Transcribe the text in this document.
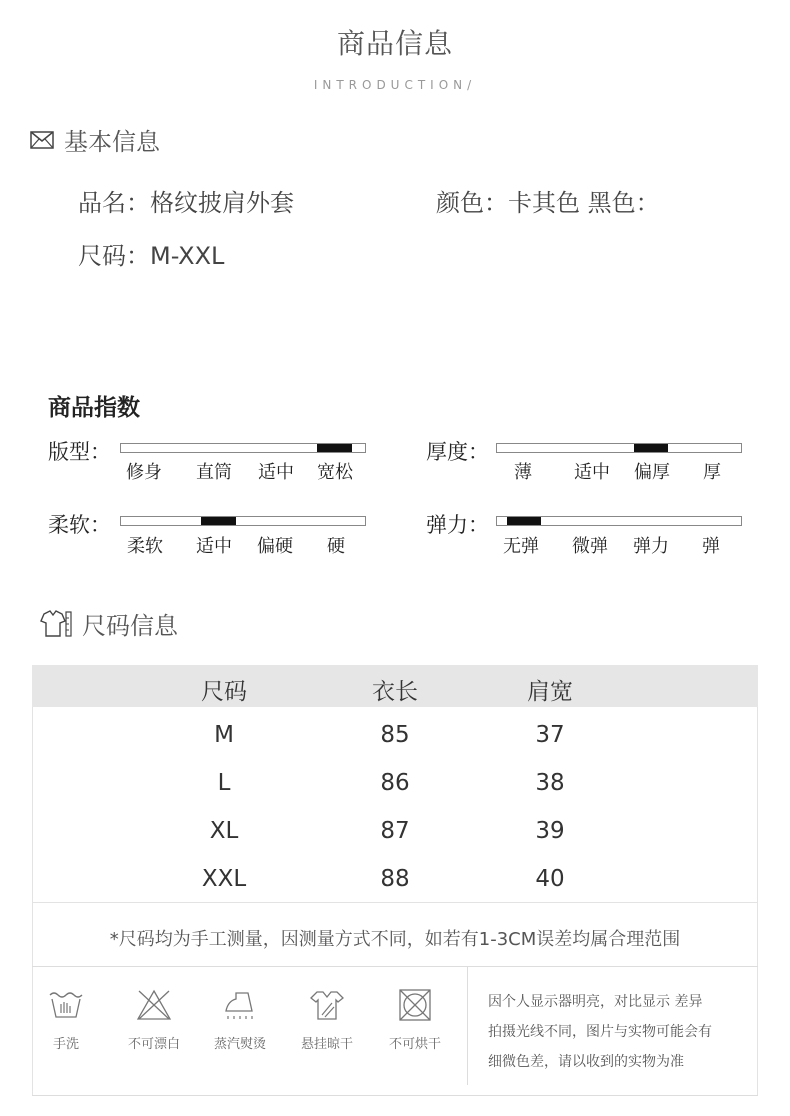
商品信息
INTRODUCTION/
基本信息
品名：格纹披肩外套	颜色：卡其色 黑色：
尺码：M-XXL
商品指数
版型：
修身 直筒 适中 宽松
厚度：
薄 适中 偏厚 厚
柔软：
柔软 适中 偏硬 硬
弹力：
无弹 微弹 弹力 弹
尺码信息
尺码	衣长	肩宽
M	85	37
L	86	38
XL	87	39
XXL	88	40
*尺码均为手工测量，因测量方式不同，如若有1-3CM误差均属合理范围
手洗	不可漂白	蒸汽熨烫	悬挂晾干	不可烘干
因个人显示器明亮，对比显示 差异
拍摄光线不同，图片与实物可能会有
细微色差，请以收到的实物为准
